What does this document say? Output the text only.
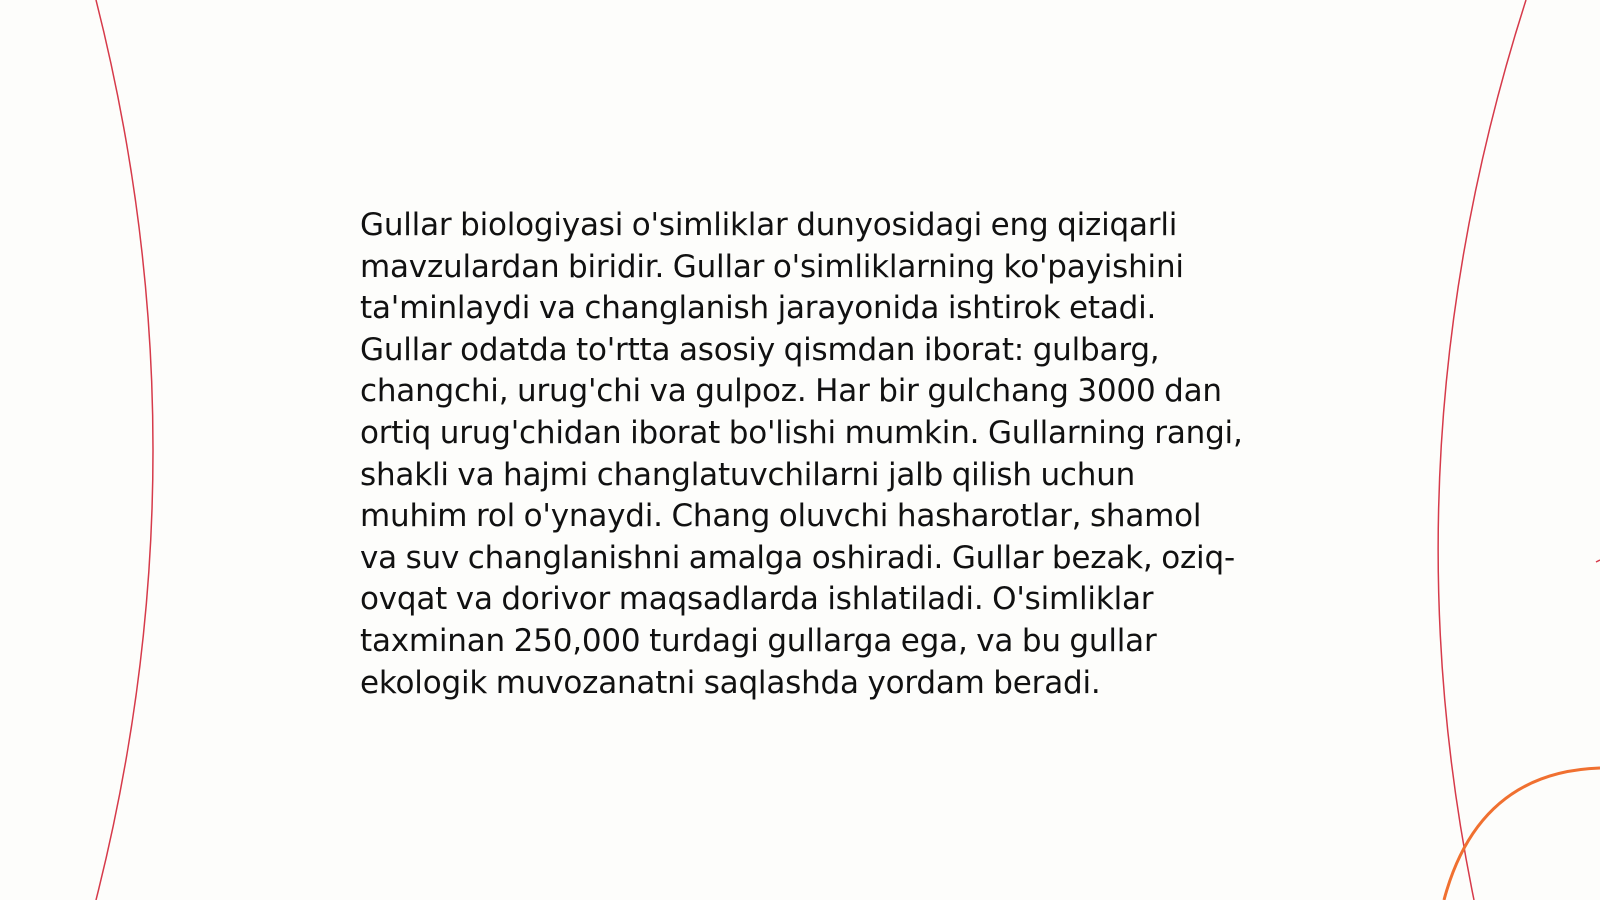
Gullar biologiyasi o'simliklar dunyosidagi eng qiziqarli mavzulardan biridir. Gullar o'simliklarning ko'payishini ta'minlaydi va changlanish jarayonida ishtirok etadi. Gullar odatda to'rtta asosiy qismdan iborat: gulbarg, changchi, urug'chi va gulpoz. Har bir gulchang 3000 dan ortiq urug'chidan iborat bo'lishi mumkin. Gullarning rangi, shakli va hajmi changlatuvchilarni jalb qilish uchun muhim rol o'ynaydi. Chang oluvchi hasharotlar, shamol va suv changlanishni amalga oshiradi. Gullar bezak, oziq-ovqat va dorivor maqsadlarda ishlatiladi. O'simliklar taxminan 250,000 turdagi gullarga ega, va bu gullar ekologik muvozanatni saqlashda yordam beradi.
